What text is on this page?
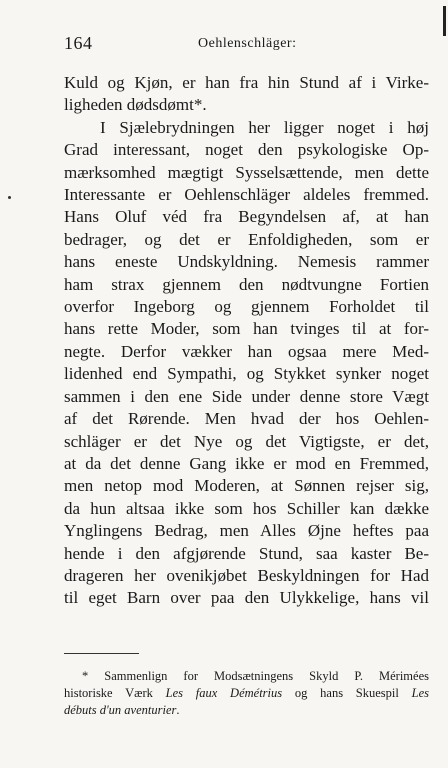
164	Oehlenschläger:
Kuld og Kjøn, er han fra hin Stund af i Virke-
ligheden dødsdømt*.
I Sjælebrydningen her ligger noget i høj
Grad interessant, noget den psykologiske Op-
mærksomhed mægtigt Sysselsættende, men dette
Interessante er Oehlenschläger aldeles fremmed.
Hans Oluf véd fra Begyndelsen af, at han
bedrager, og det er Enfoldigheden, som er
hans eneste Undskyldning. Nemesis rammer
ham strax gjennem den nødtvungne Fortien
overfor Ingeborg og gjennem Forholdet til
hans rette Moder, som han tvinges til at for-
negte. Derfor vækker han ogsaa mere Med-
lidenhed end Sympathi, og Stykket synker noget
sammen i den ene Side under denne store Vægt
af det Rørende. Men hvad der hos Oehlen-
schläger er det Nye og det Vigtigste, er det,
at da det denne Gang ikke er mod en Fremmed,
men netop mod Moderen, at Sønnen rejser sig,
da hun altsaa ikke som hos Schiller kan dække
Ynglingens Bedrag, men Alles Øjne heftes paa
hende i den afgjørende Stund, saa kaster Be-
drageren her ovenikjøbet Beskyldningen for Had
til eget Barn over paa den Ulykkelige, hans vil
* Sammenlign for Modsætningens Skyld P. Mérimées
historiske Værk Les faux Démétrius og hans Skuespil Les
débuts d'un aventurier.
